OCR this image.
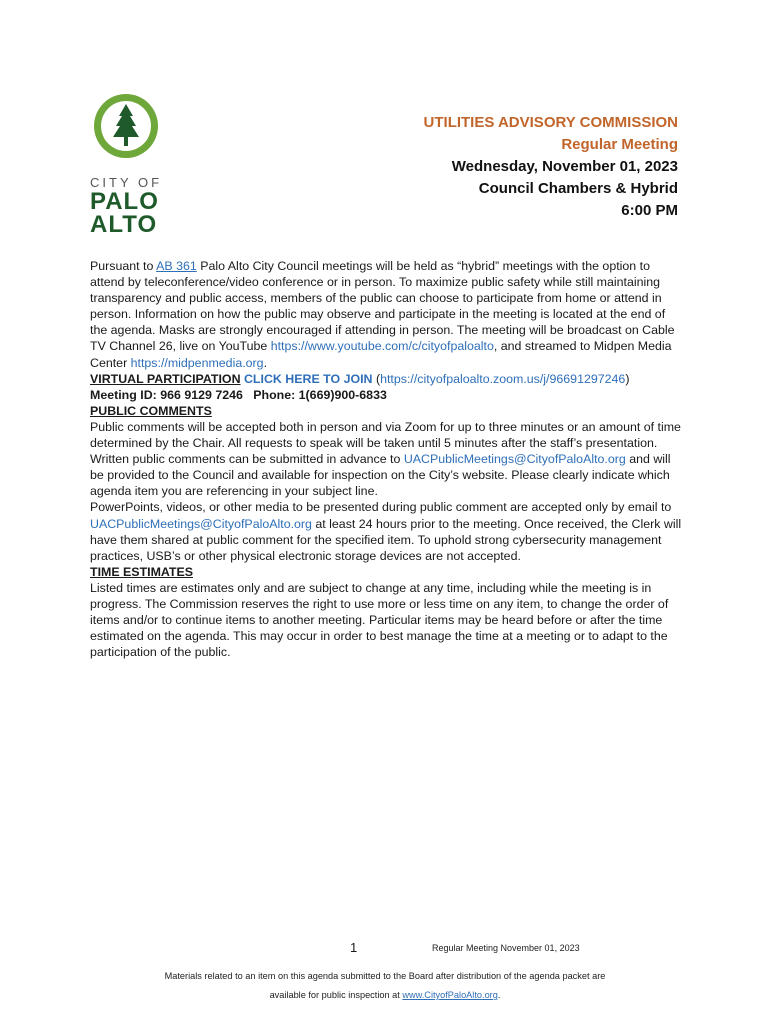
CITY OF
PALO
ALTO
UTILITIES ADVISORY COMMISSION
Regular Meeting
Wednesday, November 01, 2023
Council Chambers & Hybrid
6:00 PM

Pursuant to AB 361 Palo Alto City Council meetings will be held as “hybrid” meetings with the option to attend by teleconference/video conference or in person. To maximize public safety while still maintaining transparency and public access, members of the public can choose to participate from home or attend in person. Information on how the public may observe and participate in the meeting is located at the end of the agenda. Masks are strongly encouraged if attending in person. The meeting will be broadcast on Cable TV Channel 26, live on YouTube https://www.youtube.com/c/cityofpaloalto, and streamed to Midpen Media Center https://midpenmedia.org.

VIRTUAL PARTICIPATION CLICK HERE TO JOIN (https://cityofpaloalto.zoom.us/j/96691297246)

Meeting ID: 966 9129 7246 Phone: 1(669)900-6833

PUBLIC COMMENTS

Public comments will be accepted both in person and via Zoom for up to three minutes or an amount of time determined by the Chair. All requests to speak will be taken until 5 minutes after the staff’s presentation. Written public comments can be submitted in advance to UACPublicMeetings@CityofPaloAlto.org and will be provided to the Council and available for inspection on the City’s website. Please clearly indicate which agenda item you are referencing in your subject line.

PowerPoints, videos, or other media to be presented during public comment are accepted only by email to UACPublicMeetings@CityofPaloAlto.org at least 24 hours prior to the meeting. Once received, the Clerk will have them shared at public comment for the specified item. To uphold strong cybersecurity management practices, USB’s or other physical electronic storage devices are not accepted.

TIME ESTIMATES

Listed times are estimates only and are subject to change at any time, including while the meeting is in progress. The Commission reserves the right to use more or less time on any item, to change the order of items and/or to continue items to another meeting. Particular items may be heard before or after the time estimated on the agenda. This may occur in order to best manage the time at a meeting or to adapt to the participation of the public.

1	Regular Meeting November 01, 2023
Materials related to an item on this agenda submitted to the Board after distribution of the agenda packet are
available for public inspection at www.CityofPaloAlto.org.
